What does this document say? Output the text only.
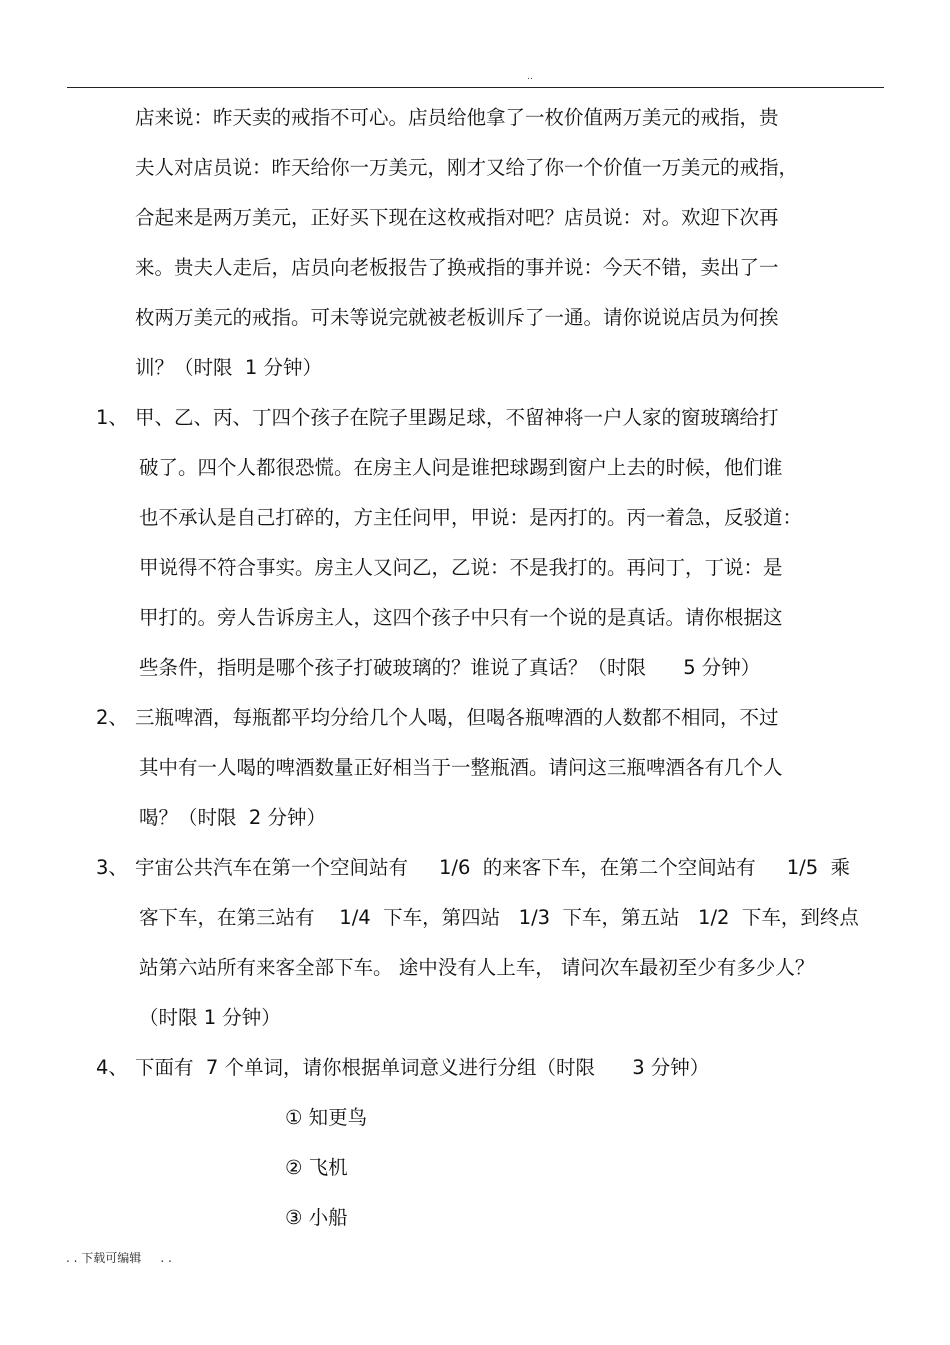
..
店来说：昨天卖的戒指不可心。店员给他拿了一枚价值两万美元的戒指，贵
夫人对店员说：昨天给你一万美元，刚才又给了你一个价值一万美元的戒指，
合起来是两万美元，正好买下现在这枚戒指对吧？店员说：对。欢迎下次再
来。贵夫人走后，店员向老板报告了换戒指的事并说：今天不错，卖出了一
枚两万美元的戒指。可未等说完就被老板训斥了一通。请你说说店员为何挨
训？（时限  1 分钟）
1、 甲、乙、丙、丁四个孩子在院子里踢足球，不留神将一户人家的窗玻璃给打
破了。四个人都很恐慌。在房主人问是谁把球踢到窗户上去的时候，他们谁
也不承认是自己打碎的，方主任问甲，甲说：是丙打的。丙一着急，反驳道：
甲说得不符合事实。房主人又问乙，乙说：不是我打的。再问丁，丁说：是
甲打的。旁人告诉房主人，这四个孩子中只有一个说的是真话。请你根据这
些条件，指明是哪个孩子打破玻璃的？谁说了真话？（时限      5 分钟）
2、 三瓶啤酒，每瓶都平均分给几个人喝，但喝各瓶啤酒的人数都不相同，不过
其中有一人喝的啤酒数量正好相当于一整瓶酒。请问这三瓶啤酒各有几个人
喝？（时限  2 分钟）
3、 宇宙公共汽车在第一个空间站有     1/6  的来客下车，在第二个空间站有     1/5  乘
客下车，在第三站有    1/4  下车，第四站   1/3  下车，第五站   1/2  下车，到终点
站第六站所有来客全部下车。 途中没有人上车， 请问次车最初至少有多少人？
（时限 1 分钟）
4、 下面有  7 个单词，请你根据单词意义进行分组（时限      3 分钟）
① 知更鸟
② 飞机
③ 小船
. . 下载可编辑     . .
